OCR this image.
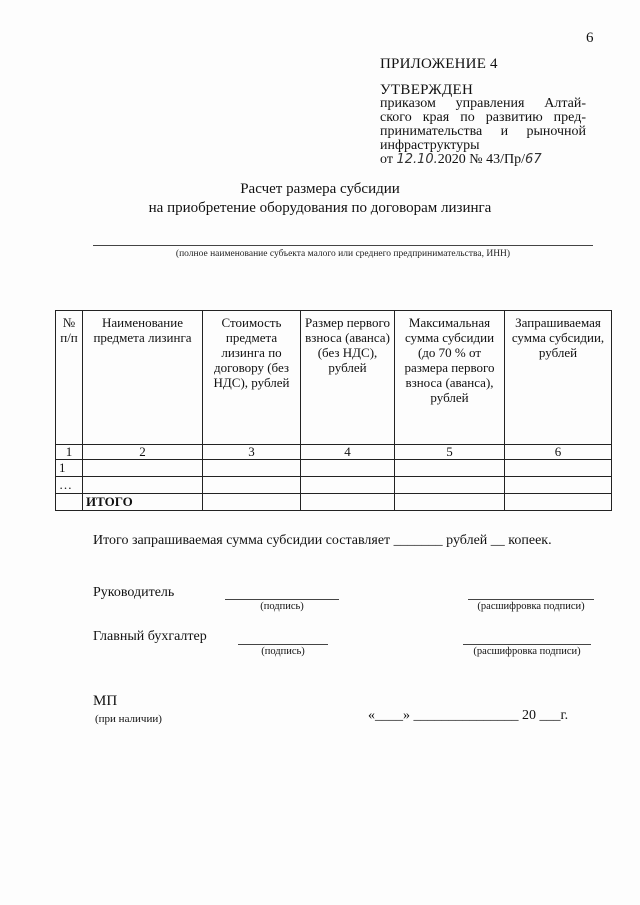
6
ПРИЛОЖЕНИЕ 4
УТВЕРЖДЕН
приказом управления Алтай-
ского края по развитию пред-
принимательства и рыночной
инфраструктуры
от 12.10.2020 № 43/Пр/67
Расчет размера субсидии
на приобретение оборудования по договорам лизинга
(полное наименование субъекта малого или среднего предпринимательства, ИНН)
№ п/п	Наименование предмета лизинга	Стоимость предмета лизинга по договору (без НДС), рублей	Размер первого взноса (аванса) (без НДС), рублей	Максимальная сумма субсидии (до 70 % от размера первого взноса (аванса), рублей	Запрашиваемая сумма субсидии, рублей
1	2	3	4	5	6
1					
…					
	ИТОГО				
Итого запрашиваемая сумма субсидии составляет _______ рублей __ копеек.
Руководитель
(подпись)	(расшифровка подписи)
Главный бухгалтер
(подпись)	(расшифровка подписи)
МП
(при наличии)	«____» _______________ 20 ___г.
